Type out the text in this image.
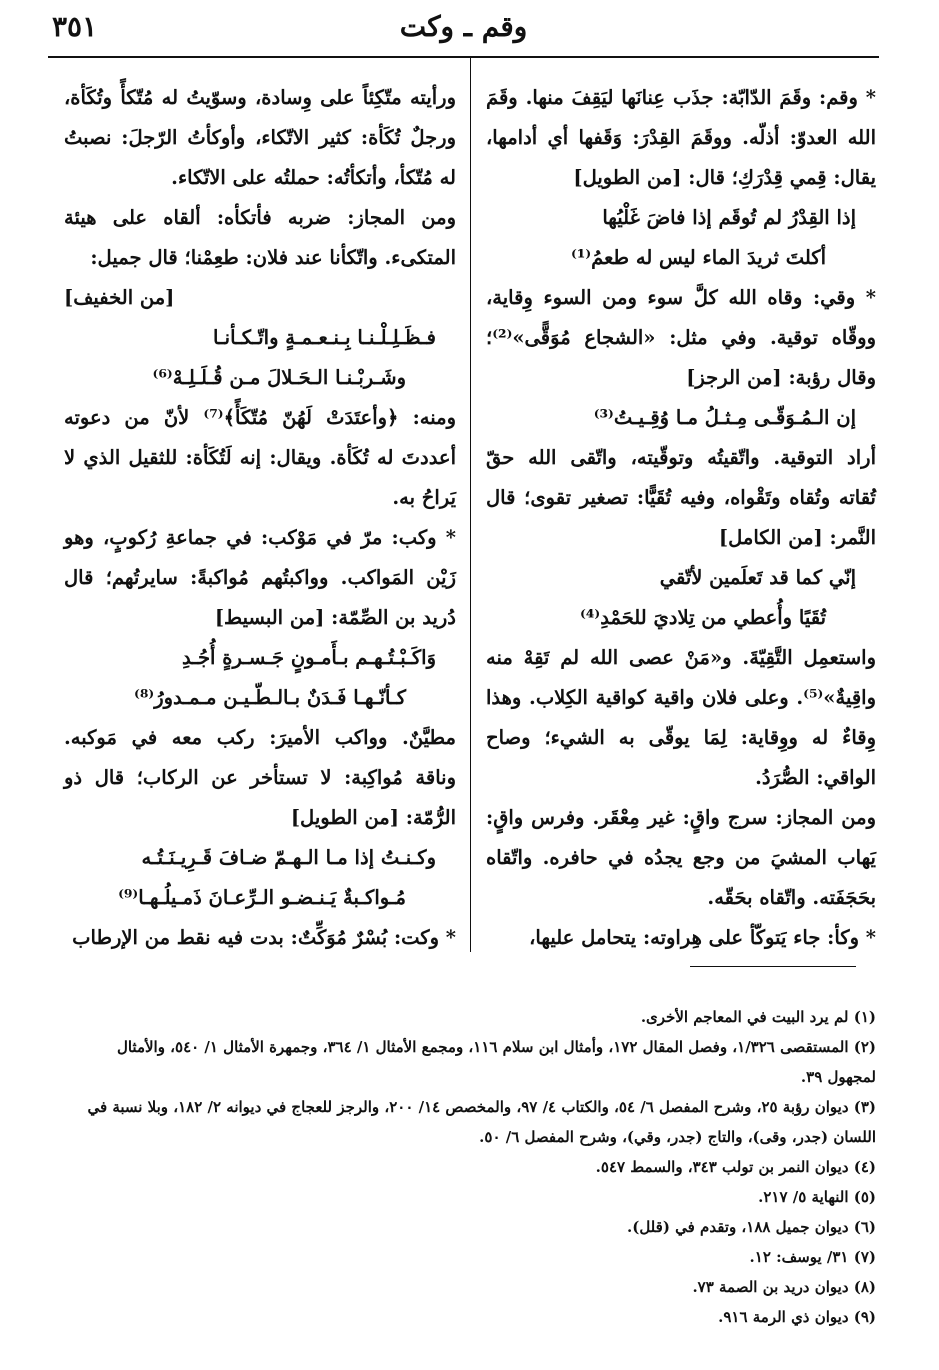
٣٥١	وقم ـ وكت

* وقم: وقَمَ الدّابّة: جذَب عِنانَها ليَقِفَ منها. وقَمَ الله العدوّ: أذلّه. ووقَمَ القِدْرَ: وَقَفها أي أدامها، يقال: قِمي قِدْرَكِ؛ قال: [من الطويل]

إذا القِدْرُ لم تُوقَم إذا فاضَ غَلْيُها

أكلتَ ثريدَ الماء ليس له طعمُ⁽¹⁾

* وقي: وقاه الله كلَّ سوء ومن السوء وِقاية، ووقّاه توقية. وفي مثل: «الشجاع مُوَقًّى»⁽²⁾؛ وقال رؤبة: [من الرجز]

إن الـمُـوَقّـى مِـثـلُ مـا وُقِـيـتُ⁽³⁾

أراد التوقية. واتّقيتُه وتوقّيته، واتّقى الله حقّ تُقاته وتُقاه وتَقْواه، وفيه تُقَيًّا: تصغير تقوى؛ قال النَّمر: [من الكامل]

إنّي كما قد تَعلَمين لأتّقي

تُقَيًا وأُعطي من تِلاديَ للحَمْدِ⁽⁴⁾

واستعمِل التَّقِيّةَ. و«مَنْ عصى الله لم تَقِهْ منه واقِيةٌ»⁽⁵⁾. وعلى فلان واقية كواقية الكِلاب. وهذا وِقاءٌ له ووِقاية: لِمَا يوقّى به الشيء؛ وصاح الواقي: الصُّرَدُ.

ومن المجاز: سرج واقٍ: غير مِعْقَر. وفرس واقٍ: يَهاب المشيَ من وجع يجدُه في حافره. واتّقاه بحَجَفَته. واتّقاه بحَقّه.

* وكأ: جاء يَتوكّأ على هِراوته: يتحامل عليها،

ورأيته متّكِئاً على وِسادة، وسوّيتُ له مُتّكأً وتُكَأة، ورجلٌ تُكَأة: كثير الاتّكاء، وأوكأتُ الرّجلَ: نصبتُ له مُتّكأ، وأتكأتُه: حملتُه على الاتّكاء.

ومن المجاز: ضربه فأتكأه: ألقاه على هيئة المتكىء. واتّكأنا عند فلان: طعِمْنا؛ قال جميل:

[من الخفيف]

فـظَـلِـلْـنـا بِـنـعـمـةٍ واتّـكـأنـا

وشَـربْـنـا الـحَـلالَ مـن قُـلَـلِـهْ⁽⁶⁾

ومنه: ﴿وأعتَدَتْ لَهُنّ مُتّكَأً﴾⁽⁷⁾ لأنّ من دعوته أعددتَ له تُكَأة. ويقال: إنه لَتُكَأة: للثقيل الذي لا يَراحُ به.

* وكب: مرّ في مَوْكب: في جماعةِ رُكوبٍ، وهو زَيْن المَواكب. وواكبتُهم مُواكبةً: سايرتُهم؛ قال دُريد بن الصِّمّة: [من البسيط]

وَاكَـبْـتُـهـم بـأَمـونٍ جَـسـرةٍ أُجُـدِ

كـأنّـهـا فَـدَنٌ بـالـطّـيـن مـمـدورُ⁽⁸⁾

مطيَّنٌ. وواكب الأميرَ: ركب معه في مَوكبه. وناقة مُواكِبة: لا تستأخر عن الركاب؛ قال ذو الرُّمّة: [من الطويل]

وكـنـتُ إذا مـا الـهـمّ ضـافَ قَـرِيـنَـتُـه

مُـواكـبةٌ يَـنـضـو الـرِّعـانَ ذَمـيلُـهـا⁽⁹⁾

* وكت: بُسْرٌ مُوَكِّتٌ: بدت فيه نقط من الإرطاب

(١) لم يرد البيت في المعاجم الأخرى.

(٢) المستقصى ١/٣٢٦، وفصل المقال ١٧٢، وأمثال ابن سلام ١١٦، ومجمع الأمثال ١/ ٣٦٤، وجمهرة الأمثال ١/ ٥٤٠، والأمثال لمجهول ٣٩.

(٣) ديوان رؤبة ٢٥، وشرح المفصل ٦/ ٥٤، والكتاب ٤/ ٩٧، والمخصص ١٤/ ٢٠٠، والرجز للعجاج في ديوانه ٢/ ١٨٢، وبلا نسبة في اللسان (جدر، وقى)، والتاج (جدر، وقي)، وشرح المفصل ٦/ ٥٠.

(٤) ديوان النمر بن تولب ٣٤٣، والسمط ٥٤٧.

(٥) النهاية ٥/ ٢١٧.

(٦) ديوان جميل ١٨٨، وتقدم في (قلل).

(٧) ٣١/ يوسف: ١٢.

(٨) ديوان دريد بن الصمة ٧٣.

(٩) ديوان ذي الرمة ٩١٦.
